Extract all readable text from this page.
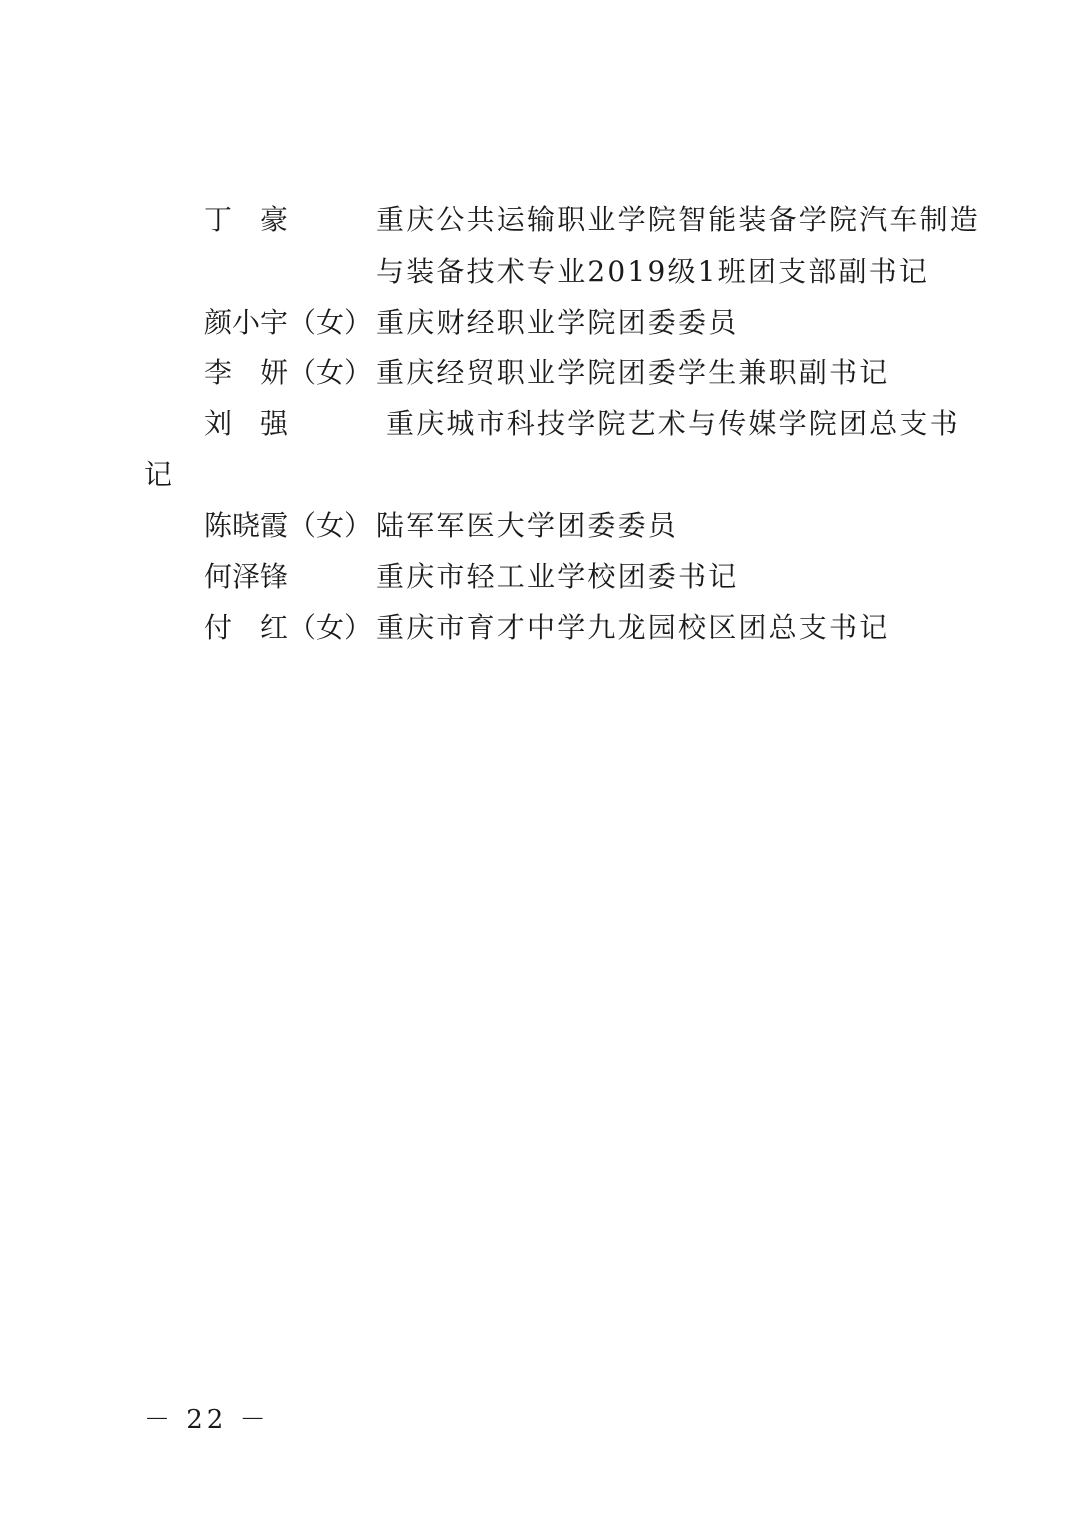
丁　豪	重庆公共运输职业学院智能装备学院汽车制造
与装备技术专业2019级1班团支部副书记
颜小宇（女） 重庆财经职业学院团委委员
李　妍（女） 重庆经贸职业学院团委学生兼职副书记
刘　强	重庆城市科技学院艺术与传媒学院团总支书
记
陈晓霞（女） 陆军军医大学团委委员
何泽锋	重庆市轻工业学校团委书记
付　红（女） 重庆市育才中学九龙园校区团总支书记
－ 22 －
